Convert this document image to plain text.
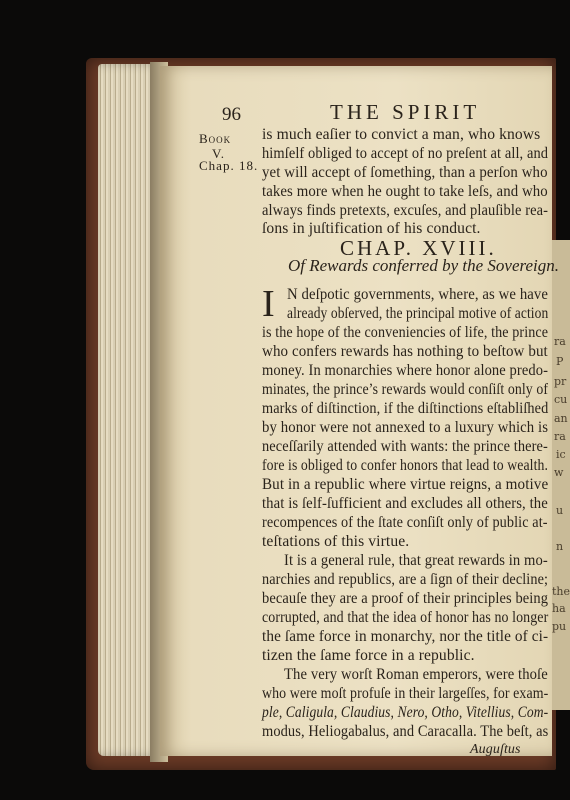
ra
P
pr
cu
an
ra
ic
w
u
n
the
ha
pu
96	THE SPIRIT
Book
V.
Chap. 18.
is much eaſier to convict a man, who knows
himſelf obliged to accept of no preſent at all, and
yet will accept of ſomething, than a perſon who
takes more when he ought to take leſs, and who
always finds pretexts, excuſes, and plauſible rea-
ſons in juſtification of his conduct.
CHAP. XVIII.
Of Rewards conferred by the Sovereign.
I N deſpotic governments, where, as we have
already obſerved, the principal motive of action
is the hope of the conveniencies of life, the prince
who confers rewards has nothing to beſtow but
money. In monarchies where honor alone predo-
minates, the prince’s rewards would conſiſt only of
marks of diſtinction, if the diſtinctions eſtabliſhed
by honor were not annexed to a luxury which is
neceſſarily attended with wants: the prince there-
fore is obliged to confer honors that lead to wealth.
But in a republic where virtue reigns, a motive
that is ſelf-ſufficient and excludes all others, the
recompences of the ſtate conſiſt only of public at-
teſtations of this virtue.
It is a general rule, that great rewards in mo-
narchies and republics, are a ſign of their decline;
becauſe they are a proof of their principles being
corrupted, and that the idea of honor has no longer
the ſame force in monarchy, nor the title of ci-
tizen the ſame force in a republic.
The very worſt Roman emperors, were thoſe
who were moſt profuſe in their largeſſes, for exam-
ple, Caligula, Claudius, Nero, Otho, Vitellius, Com-
modus, Heliogabalus, and Caracalla. The beſt, as
Auguſtus
